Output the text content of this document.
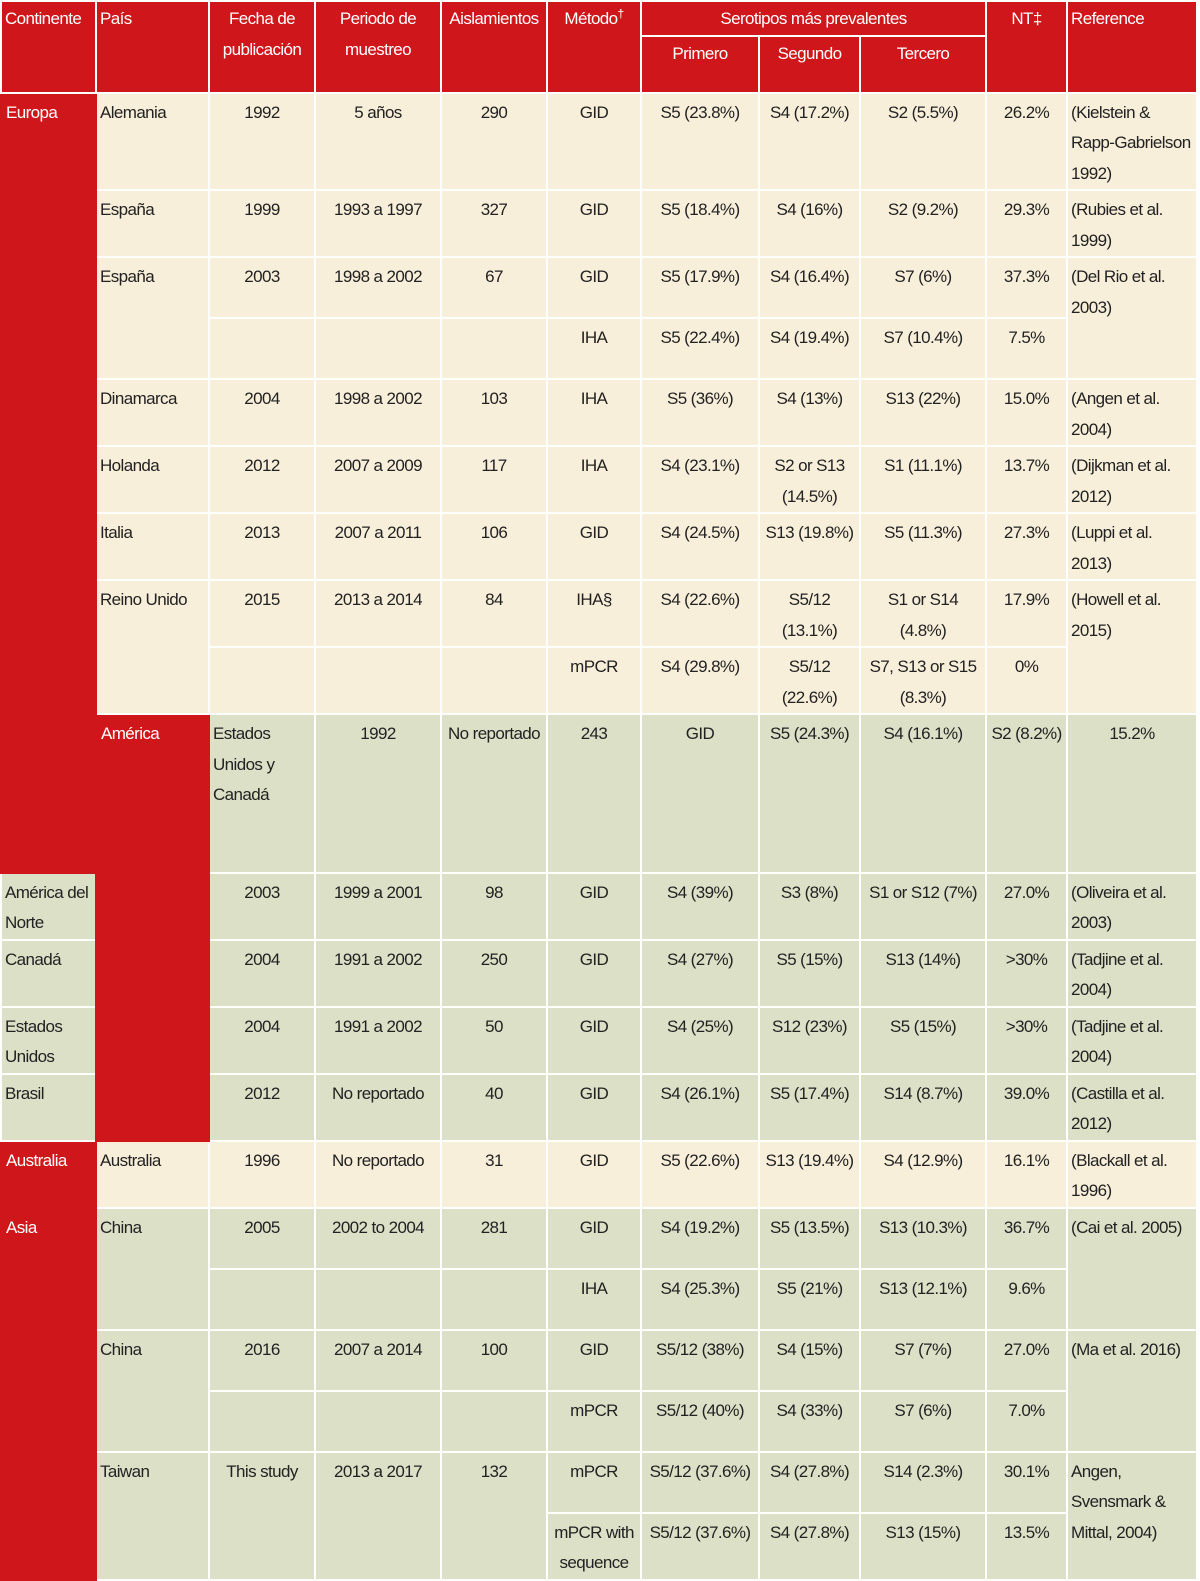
Continente	País	Fecha de publicación	Periodo de muestreo	Aislamientos	Método†	Serotipos más prevalentes			NT‡	Reference	
						Primero	Segundo	Tercero			
Europa	Alemania	1992	5 años	290	GID	S5 (23.8%)	S4 (17.2%)	S2 (5.5%)	26.2%	(Kielstein & Rapp-Gabrielson 1992)	
	España	1999	1993 a 1997	327	GID	S5 (18.4%)	S4 (16%)	S2 (9.2%)	29.3%	(Rubies et al. 1999)	
	España	2003	1998 a 2002	67	GID	S5 (17.9%)	S4 (16.4%)	S7 (6%)	37.3%	(Del Rio et al. 2003)	
					IHA	S5 (22.4%)	S4 (19.4%)	S7 (10.4%)	7.5%		
	Dinamarca	2004	1998 a 2002	103	IHA	S5 (36%)	S4 (13%)	S13 (22%)	15.0%	(Angen et al. 2004)	
	Holanda	2012	2007 a 2009	117	IHA	S4 (23.1%)	S2 or S13 (14.5%)	S1 (11.1%)	13.7%	(Dijkman et al. 2012)	
	Italia	2013	2007 a 2011	106	GID	S4 (24.5%)	S13 (19.8%)	S5 (11.3%)	27.3%	(Luppi et al. 2013)	
	Reino Unido	2015	2013 a 2014	84	IHA§	S4 (22.6%)	S5/12 (13.1%)	S1 or S14 (4.8%)	17.9%	(Howell et al. 2015)	
					mPCR	S4 (29.8%)	S5/12 (22.6%)	S7, S13 or S15 (8.3%)	0%		
	América	Estados Unidos y Canadá	1992	No reportado	243	GID	S5 (24.3%)	S4 (16.1%)	S2 (8.2%)	15.2%	
América del Norte		2003	1999 a 2001	98	GID	S4 (39%)	S3 (8%)	S1 or S12 (7%)	27.0%	(Oliveira et al. 2003)	
Canadá		2004	1991 a 2002	250	GID	S4 (27%)	S5 (15%)	S13 (14%)	>30%	(Tadjine et al. 2004)	
Estados Unidos		2004	1991 a 2002	50	GID	S4 (25%)	S12 (23%)	S5 (15%)	>30%	(Tadjine et al. 2004)	
Brasil		2012	No reportado	40	GID	S4 (26.1%)	S5 (17.4%)	S14 (8.7%)	39.0%	(Castilla et al. 2012)	
Australia	Australia	1996	No reportado	31	GID	S5 (22.6%)	S13 (19.4%)	S4 (12.9%)	16.1%	(Blackall et al. 1996)	
Asia	China	2005	2002 to 2004	281	GID	S4 (19.2%)	S5 (13.5%)	S13 (10.3%)	36.7%	(Cai et al. 2005)	
					IHA	S4 (25.3%)	S5 (21%)	S13 (12.1%)	9.6%		
	China	2016	2007 a 2014	100	GID	S5/12 (38%)	S4 (15%)	S7 (7%)	27.0%	(Ma et al. 2016)	
					mPCR	S5/12 (40%)	S4 (33%)	S7 (6%)	7.0%		
	Taiwan	This study	2013 a 2017	132	mPCR	S5/12 (37.6%)	S4 (27.8%)	S14 (2.3%)	30.1%	Angen, Svensmark & Mittal, 2004)	
					mPCR with sequence	S5/12 (37.6%)	S4 (27.8%)	S13 (15%)	13.5%		
